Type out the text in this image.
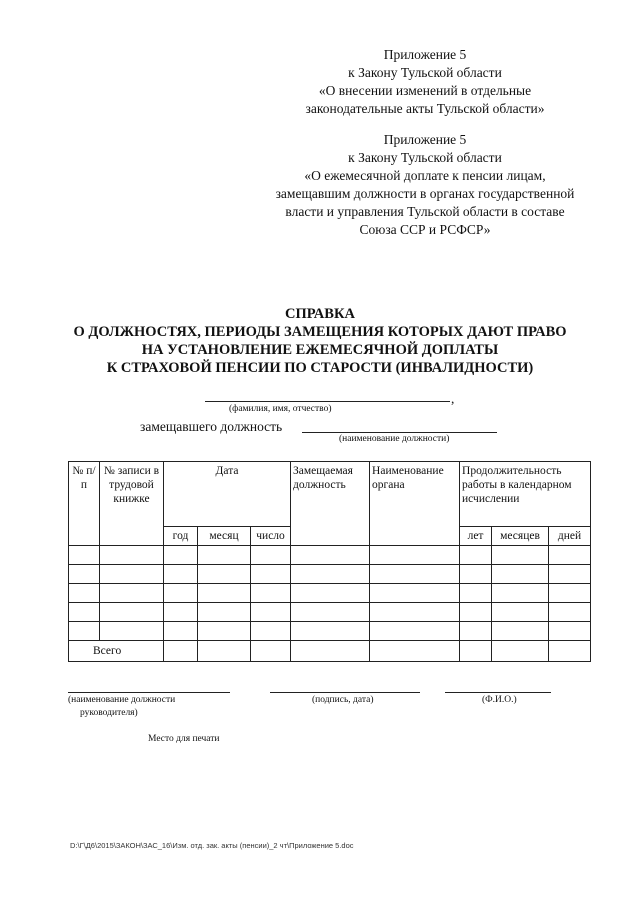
Приложение 5
к Закону Тульской области
«О внесении изменений в отдельные
законодательные акты Тульской области»
Приложение 5
к Закону Тульской области
«О ежемесячной доплате к пенсии лицам,
замещавшим должности в органах государственной
власти и управления Тульской области в составе
Союза ССР и РСФСР»
СПРАВКА
О ДОЛЖНОСТЯХ, ПЕРИОДЫ ЗАМЕЩЕНИЯ КОТОРЫХ ДАЮТ ПРАВО
НА УСТАНОВЛЕНИЕ ЕЖЕМЕСЯЧНОЙ ДОПЛАТЫ
К СТРАХОВОЙ ПЕНСИИ ПО СТАРОСТИ (ИНВАЛИДНОСТИ)
,
(фамилия, имя, отчество)
замещавшего должность
(наименование должности)
№ п/п	№ записи в трудовой книжке	Дата			Замещаемая должность	Наименование органа	Продолжительность работы в календарном исчислении		
		год	месяц	число			лет	месяцев	дней

Всего									
(наименование должности
руководителя)
(подпись, дата)	(Ф.И.О.)
Место для печати
D:\Г\Д6\2015\ЗАКОН\ЗАС_16\Изм. отд. зак. акты (пенсии)_2 чт\Приложение 5.doc
